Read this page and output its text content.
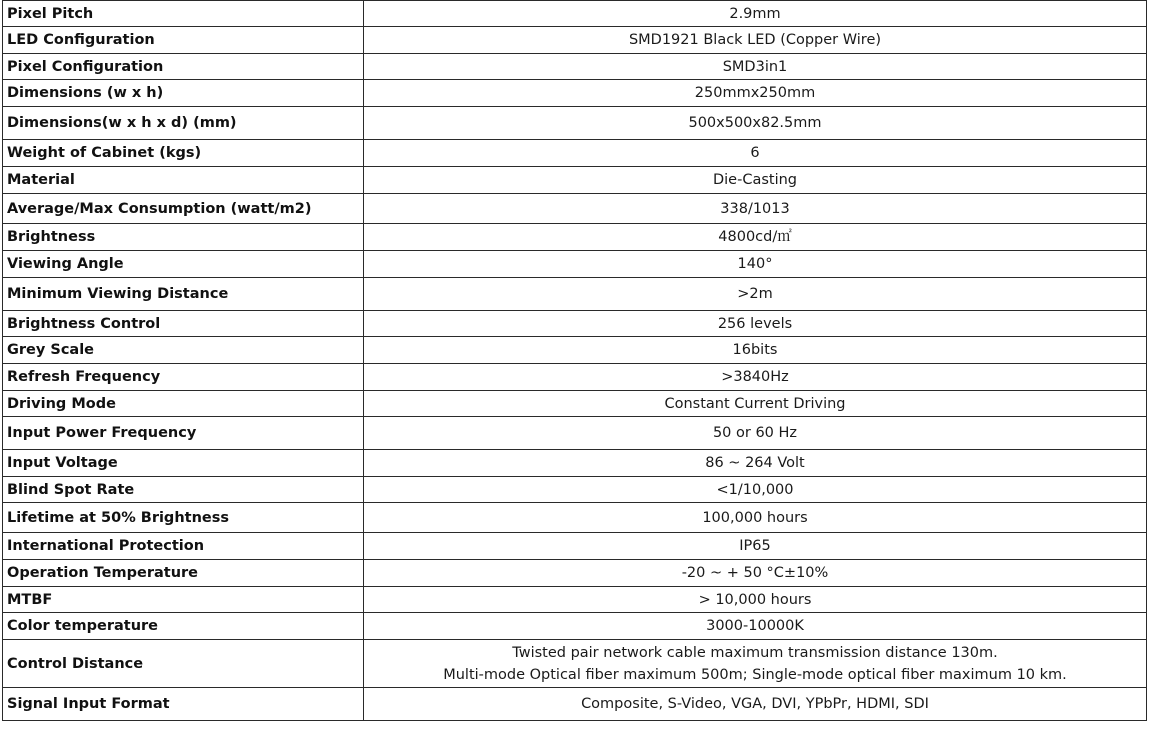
Pixel Pitch	2.9mm
LED Configuration	SMD1921 Black LED (Copper Wire)
Pixel Configuration	SMD3in1
Dimensions (w x h)	250mmx250mm
Dimensions(w x h x d) (mm)	500x500x82.5mm
Weight of Cabinet (kgs)	6
Material	Die-Casting
Average/Max Consumption (watt/m2)	338/1013
Brightness	4800cd/㎡
Viewing Angle	140°
Minimum Viewing Distance	>2m
Brightness Control	256 levels
Grey Scale	16bits
Refresh Frequency	>3840Hz
Driving Mode	Constant Current Driving
Input Power Frequency	50 or 60 Hz
Input Voltage	86 ~ 264 Volt
Blind Spot Rate	<1/10,000
Lifetime at 50% Brightness	100,000 hours
International Protection	IP65
Operation Temperature	-20 ~ + 50 °C±10%
MTBF	> 10,000 hours
Color temperature	3000-10000K
Control Distance	Twisted pair network cable maximum transmission distance 130m.
Multi-mode Optical fiber maximum 500m; Single-mode optical fiber maximum 10 km.

Signal Input Format	Composite, S-Video, VGA, DVI, YPbPr, HDMI, SDI
